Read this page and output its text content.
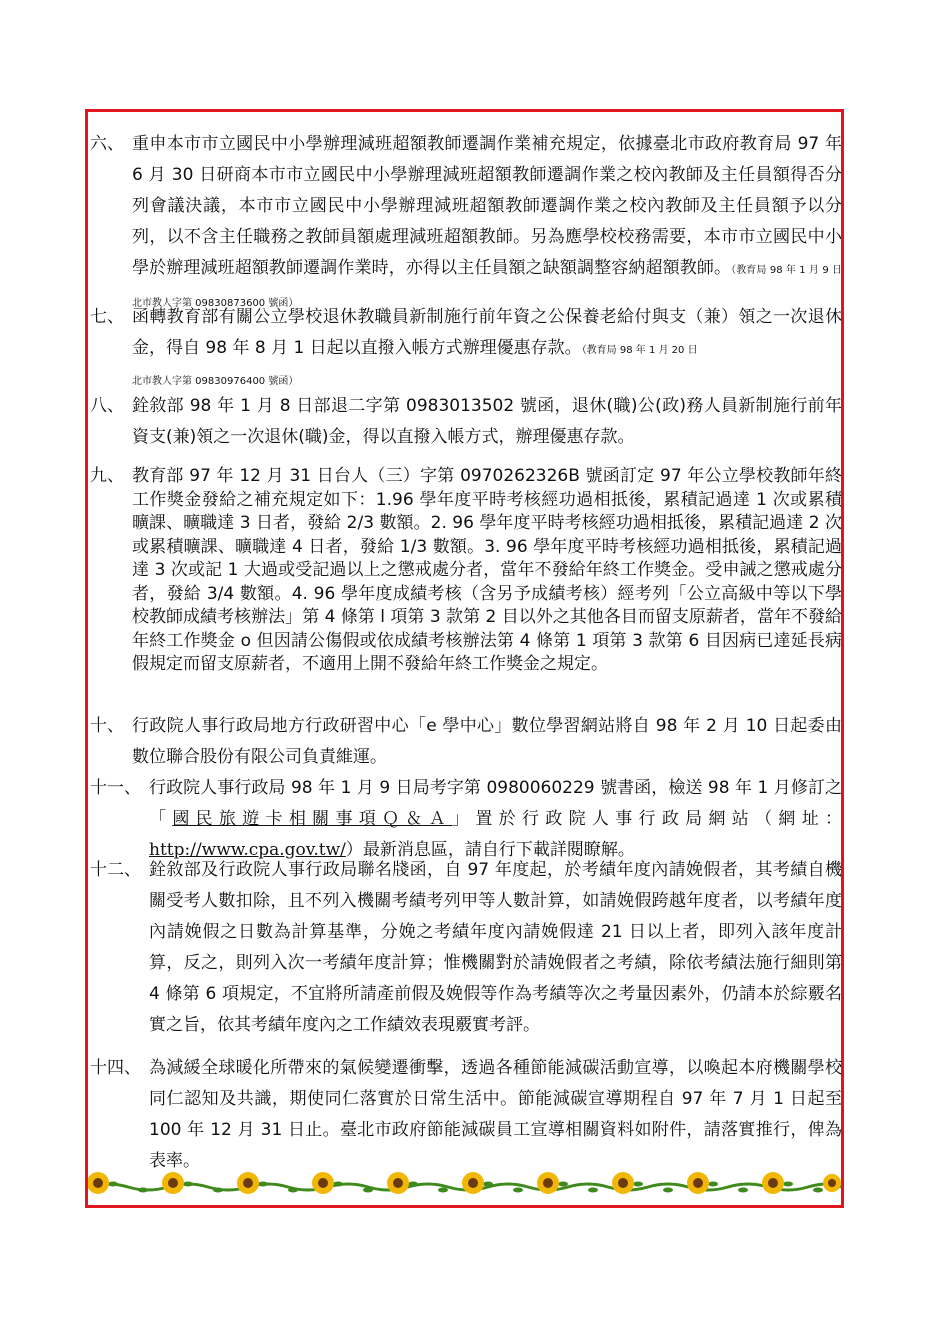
六、 重申本市市立國民中小學辦理減班超額教師遷調作業補充規定，依據臺北市政府教育局 97 年 6 月 30 日研商本市市立國民中小學辦理減班超額教師遷調作業之校內教師及主任員額得否分列會議決議，本市市立國民中小學辦理減班超額教師遷調作業之校內教師及主任員額予以分列，以不含主任職務之教師員額處理減班超額教師。另為應學校校務需要，本市市立國民中小學於辦理減班超額教師遷調作業時，亦得以主任員額之缺額調整容納超額教師。（教育局 98 年 1 月 9 日北市教人字第 09830873600 號函）
七、 函轉教育部有關公立學校退休教職員新制施行前年資之公保養老給付與支（兼）領之一次退休金，得自 98 年 8 月 1 日起以直撥入帳方式辦理優惠存款。（教育局 98 年 1 月 20 日
北市教人字第 09830976400 號函）
八、 銓敘部 98 年 1 月 8 日部退二字第 0983013502 號函，退休(職)公(政)務人員新制施行前年資支(兼)領之一次退休(職)金，得以直撥入帳方式，辦理優惠存款。
九、 教育部 97 年 12 月 31 日台人（三）字第 0970262326B 號函訂定 97 年公立學校教師年終工作獎金發給之補充規定如下：1.96 學年度平時考核經功過相抵後，累積記過達 1 次或累積曠課、曠職達 3 日者，發給 2/3 數額。2. 96 學年度平時考核經功過相抵後，累積記過達 2 次或累積曠課、曠職達 4 日者，發給 1/3 數額。3. 96 學年度平時考核經功過相抵後，累積記過達 3 次或記 1 大過或受記過以上之懲戒處分者，當年不發給年終工作獎金。受申誡之懲戒處分者，發給 3/4 數額。4. 96 學年度成績考核（含另予成績考核）經考列「公立高級中等以下學校教師成績考核辦法」第 4 條第 l 項第 3 款第 2 目以外之其他各目而留支原薪者，當年不發給年終工作獎金 o 但因請公傷假或依成績考核辦法第 4 條第 1 項第 3 款第 6 目因病已達延長病假規定而留支原薪者，不適用上開不發給年終工作獎金之規定。
十、 行政院人事行政局地方行政研習中心「e 學中心」數位學習網站將自 98 年 2 月 10 日起委由數位聯合股份有限公司負責維運。
十一、 行政院人事行政局 98 年 1 月 9 日局考字第 0980060229 號書函，檢送 98 年 1 月修訂之「國民旅遊卡相關事項Ｑ＆Ａ」置於行政院人事行政局網站（網址：http://www.cpa.gov.tw/）最新消息區，請自行下載詳閱瞭解。
十二、 銓敘部及行政院人事行政局聯名牋函，自 97 年度起，於考績年度內請娩假者，其考績自機關受考人數扣除，且不列入機關考績考列甲等人數計算，如請娩假跨越年度者，以考績年度內請娩假之日數為計算基準，分娩之考績年度內請娩假達 21 日以上者，即列入該年度計算，反之，則列入次一考績年度計算；惟機關對於請娩假者之考績，除依考績法施行細則第 4 條第 6 項規定，不宜將所請產前假及娩假等作為考績等次之考量因素外，仍請本於綜覈名實之旨，依其考績年度內之工作績效表現覈實考評。
十四、 為減緩全球暖化所帶來的氣候變遷衝擊，透過各種節能減碳活動宣導，以喚起本府機關學校同仁認知及共識，期使同仁落實於日常生活中。節能減碳宣導期程自 97 年 7 月 1 日起至 100 年 12 月 31 日止。臺北市政府節能減碳員工宣導相關資料如附件，請落實推行，俾為表率。
